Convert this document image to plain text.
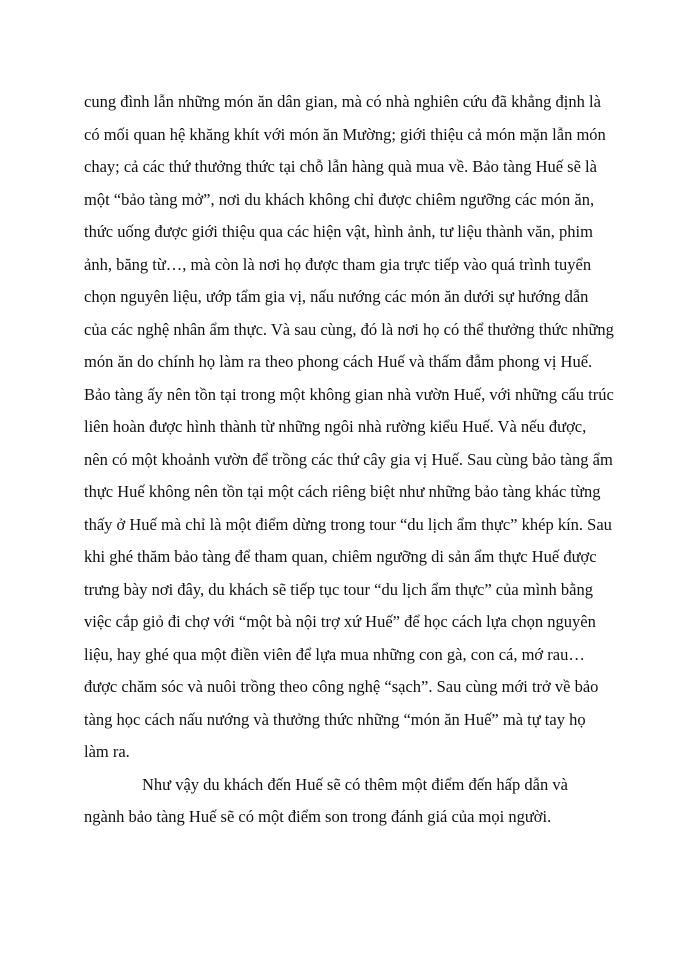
cung đình lẫn những món ăn dân gian, mà có nhà nghiên cứu đã khẳng định là
có mối quan hệ khăng khít với món ăn Mường; giới thiệu cả món mặn lẫn món
chay; cả các thứ thưởng thức tại chỗ lẫn hàng quà mua về. Bảo tàng Huế sẽ là
một “bảo tàng mở”, nơi du khách không chỉ được chiêm ngưỡng các món ăn,
thức uống được giới thiệu qua các hiện vật, hình ảnh, tư liệu thành văn, phim
ảnh, băng từ…, mà còn là nơi họ được tham gia trực tiếp vào quá trình tuyển
chọn nguyên liệu, ướp tẩm gia vị, nấu nướng các món ăn dưới sự hướng dẫn
của các nghệ nhân ẩm thực. Và sau cùng, đó là nơi họ có thể thưởng thức những
món ăn do chính họ làm ra theo phong cách Huế và thấm đẫm phong vị Huế.
Bảo tàng ấy nên tồn tại trong một không gian nhà vườn Huế, với những cấu trúc
liên hoàn được hình thành từ những ngôi nhà rường kiểu Huế. Và nếu được,
nên có một khoảnh vườn để trồng các thứ cây gia vị Huế. Sau cùng bảo tàng ẩm
thực Huế không nên tồn tại một cách riêng biệt như những bảo tàng khác từng
thấy ở Huế mà chỉ là một điểm dừng trong tour “du lịch ẩm thực” khép kín. Sau
khi ghé thăm bảo tàng để tham quan, chiêm ngưỡng di sản ẩm thực Huế được
trưng bày nơi đây, du khách sẽ tiếp tục tour “du lịch ẩm thực” của mình bằng
việc cắp giỏ đi chợ với “một bà nội trợ xứ Huế” để học cách lựa chọn nguyên
liệu, hay ghé qua một điền viên để lựa mua những con gà, con cá, mớ rau…
được chăm sóc và nuôi trồng theo công nghệ “sạch”. Sau cùng mới trở về bảo
tàng học cách nấu nướng và thưởng thức những “món ăn Huế” mà tự tay họ
làm ra.
Như vậy du khách đến Huế sẽ có thêm một điểm đến hấp dẫn và
ngành bảo tàng Huế sẽ có một điểm son trong đánh giá của mọi người.
